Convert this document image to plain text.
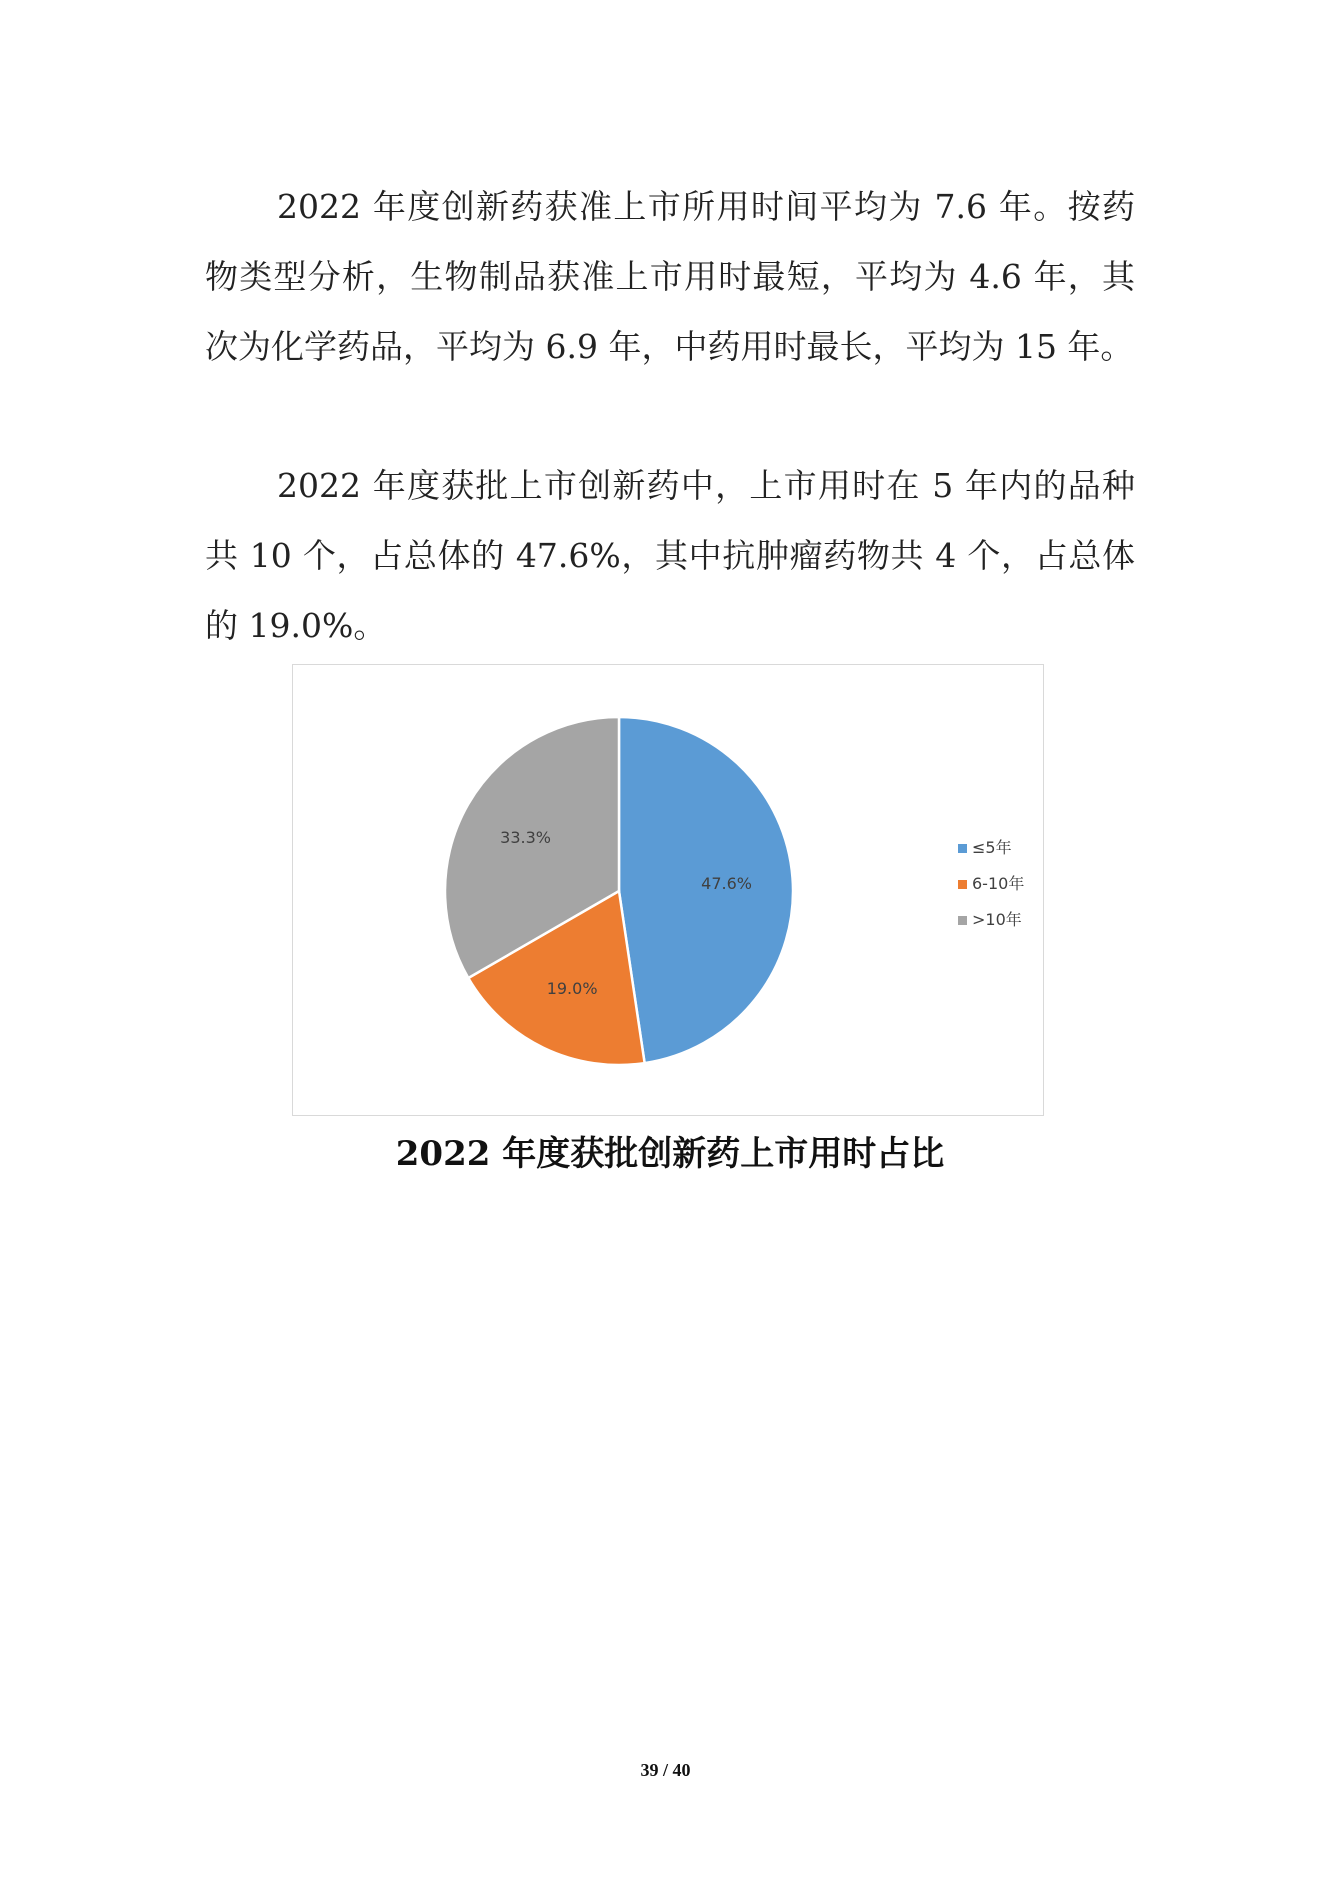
2022 年度创新药获准上市所用时间平均为 7.6 年。按药物类型分析，生物制品获准上市用时最短，平均为 4.6 年，其次为化学药品，平均为 6.9 年，中药用时最长，平均为 15 年。

2022 年度获批上市创新药中，上市用时在 5 年内的品种共 10 个，占总体的 47.6%，其中抗肿瘤药物共 4 个，占总体的 19.0%。

47.6%
19.0%
33.3%
≤5年
6-10年
>10年
2022 年度获批创新药上市用时占比
39 / 40
